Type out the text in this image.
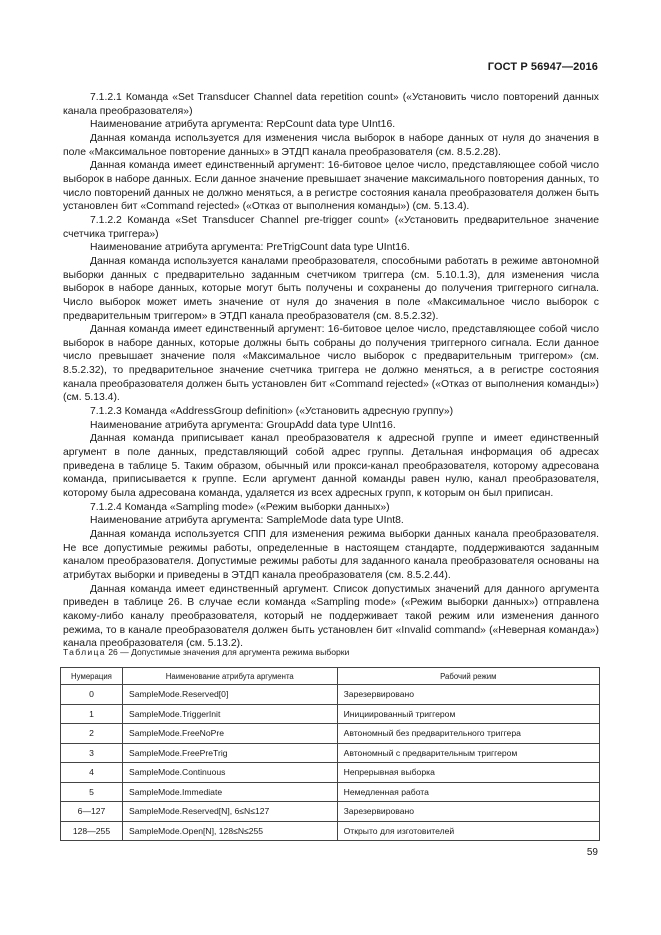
ГОСТ Р 56947—2016

7.1.2.1 Команда «Set Transducer Channel data repetition count» («Установить число повторений данных канала преобразователя»)

Наименование атрибута аргумента: RepCount data type UInt16.

Данная команда используется для изменения числа выборок в наборе данных от нуля до значения в поле «Максимальное повторение данных» в ЭТДП канала преобразователя (см. 8.5.2.28).

Данная команда имеет единственный аргумент: 16-битовое целое число, представляющее собой число выборок в наборе данных. Если данное значение превышает значение максимального повторения данных, то число повторений данных не должно меняться, а в регистре состояния канала преобразователя должен быть установлен бит «Command rejected» («Отказ от выполнения команды») (см. 5.13.4).

7.1.2.2 Команда «Set Transducer Channel pre-trigger count» («Установить предварительное значение счетчика триггера»)

Наименование атрибута аргумента: PreTrigCount data type UInt16.

Данная команда используется каналами преобразователя, способными работать в режиме автономной выборки данных с предварительно заданным счетчиком триггера (см. 5.10.1.3), для изменения числа выборок в наборе данных, которые могут быть получены и сохранены до получения триггерного сигнала. Число выборок может иметь значение от нуля до значения в поле «Максимальное число выборок с предварительным триггером» в ЭТДП канала преобразователя (см. 8.5.2.32).

Данная команда имеет единственный аргумент: 16-битовое целое число, представляющее собой число выборок в наборе данных, которые должны быть собраны до получения триггерного сигнала. Если данное число превышает значение поля «Максимальное число выборок с предварительным триггером» (см. 8.5.2.32), то предварительное значение счетчика триггера не должно меняться, а в регистре состояния канала преобразователя должен быть установлен бит «Command rejected» («Отказ от выполнения команды») (см. 5.13.4).

7.1.2.3 Команда «AddressGroup definition» («Установить адресную группу»)

Наименование атрибута аргумента: GroupAdd data type UInt16.

Данная команда приписывает канал преобразователя к адресной группе и имеет единственный аргумент в поле данных, представляющий собой адрес группы. Детальная информация об адресах приведена в таблице 5. Таким образом, обычный или прокси-канал преобразователя, которому адресована команда, приписывается к группе. Если аргумент данной команды равен нулю, канал преобразователя, которому была адресована команда, удаляется из всех адресных групп, к которым он был приписан.

7.1.2.4 Команда «Sampling mode» («Режим выборки данных»)

Наименование атрибута аргумента: SampleMode data type UInt8.

Данная команда используется СПП для изменения режима выборки данных канала преобразователя. Не все допустимые режимы работы, определенные в настоящем стандарте, поддерживаются заданным каналом преобразователя. Допустимые режимы работы для заданного канала преобразователя основаны на атрибутах выборки и приведены в ЭТДП канала преобразователя (см. 8.5.2.44).

Данная команда имеет единственный аргумент. Список допустимых значений для данного аргумента приведен в таблице 26. В случае если команда «Sampling mode» («Режим выборки данных») отправлена какому-либо каналу преобразователя, который не поддерживает такой режим или изменения данного режима, то в канале преобразователя должен быть установлен бит «Invalid command» («Неверная команда») канала преобразователя (см. 5.13.2).

Таблица 26 — Допустимые значения для аргумента режима выборки
Нумерация	Наименование атрибута аргумента	Рабочий режим
0	SampleMode.Reserved[0]	Зарезервировано
1	SampleMode.TriggerInit	Инициированный триггером
2	SampleMode.FreeNoPre	Автономный без предварительного триггера
3	SampleMode.FreePreTrig	Автономный с предварительным триггером
4	SampleMode.Continuous	Непрерывная выборка
5	SampleMode.Immediate	Немедленная работа
6—127	SampleMode.Reserved[N], 6≤N≤127	Зарезервировано
128—255	SampleMode.Open[N], 128≤N≤255	Открыто для изготовителей
59
